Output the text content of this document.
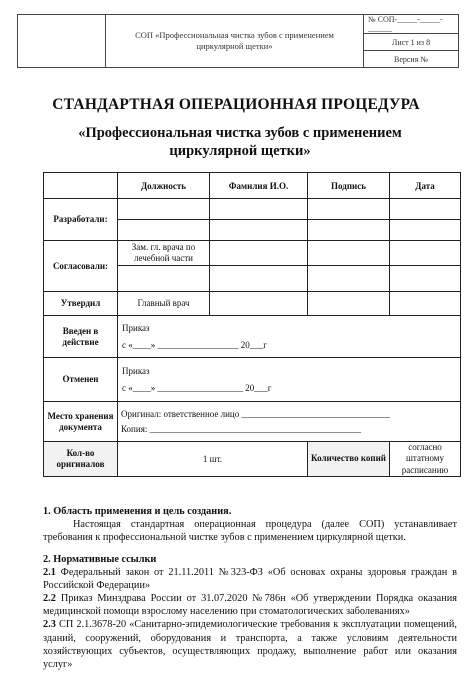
СОП «Профессиональная чистка зубов с применением
циркулярной щетки»
№ СОП-_____-_____-______
Лист 1 из 8
Версия №
СТАНДАРТНАЯ ОПЕРАЦИОННАЯ ПРОЦЕДУРА
«Профессиональная чистка зубов с применением
циркулярной щетки»
	Должность	Фамилия И.О.	Подпись	Дата
Разработали:				

Согласовали:	Зам. гл. врача по лечебной части			

Утвердил	Главный врач			
Введен в действие	Приказ
с «____» __________________ 20___г			

Отменен	Приказ
с «____» ___________________ 20___г			

Место хранения документа	Оригинал: ответственное лицо _________________________________
Копия: _______________________________________________			

Кол-во оригиналов	1 шт.		Количество копий	согласно штатному расписанию
1. Область применения и цель создания.
Настоящая стандартная операционная процедура (далее СОП) устанавливает требования к профессиональной чистке зубов с применением циркулярной щетки.
2. Нормативные ссылки
2.1 Федеральный закон от 21.11.2011 №323-ФЗ «Об основах охраны здоровья граждан в Российской Федерации»
2.2 Приказ Минздрава России от 31.07.2020 №786н «Об утверждении Порядка оказания медицинской помощи взрослому населению при стоматологических заболеваниях»
2.3 СП 2.1.3678-20 «Санитарно-эпидемиологические требования к эксплуатации помещений, зданий, сооружений, оборудования и транспорта, а также условиям деятельности хозяйствующих субъектов, осуществляющих продажу, выполнение работ или оказания услуг»
